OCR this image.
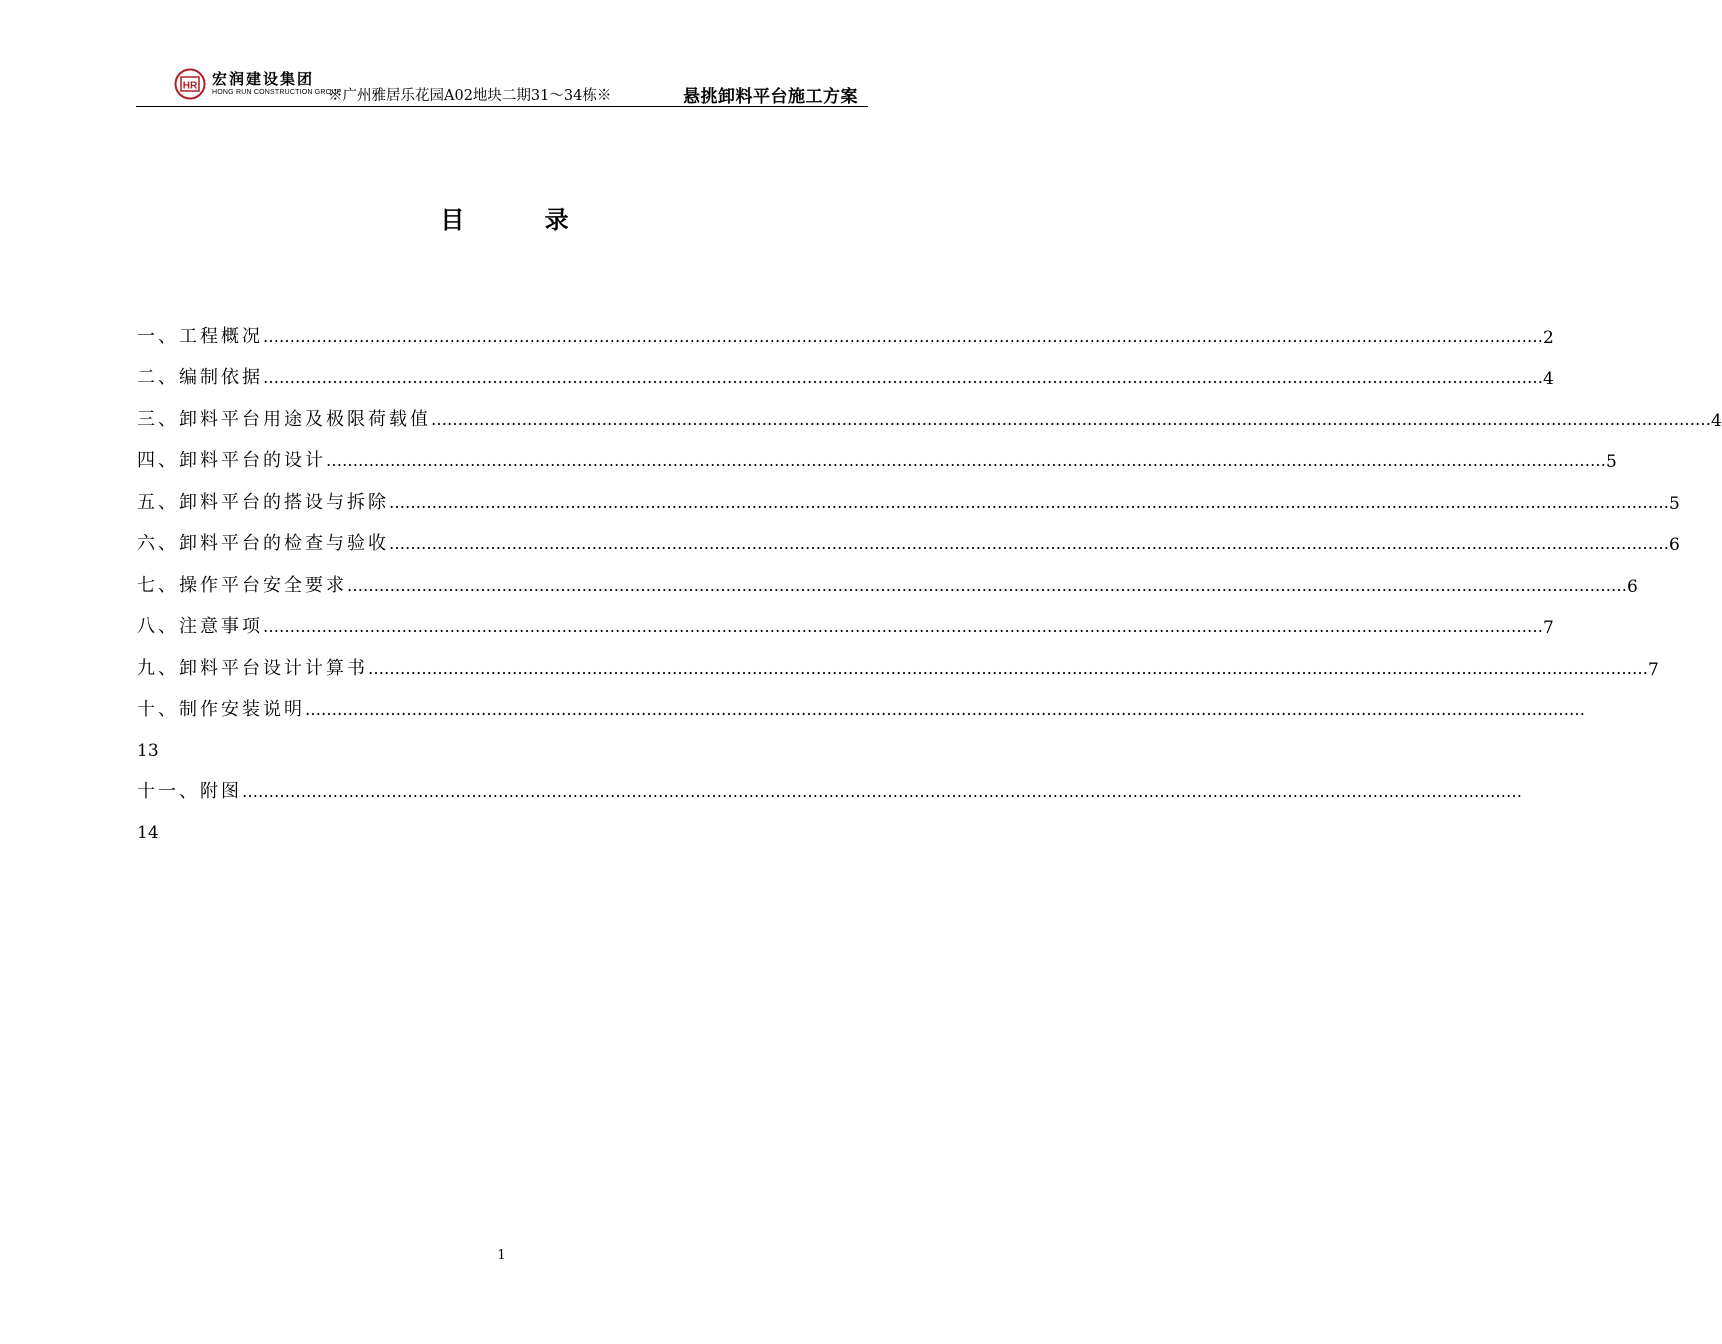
HR 宏润建设集团
HONG RUN CONSTRUCTION GROUP
※广州雅居乐花园A02地块二期31～34栋※	悬挑卸料平台施工方案
目 录
一、工程概况 …………………………………………………………………………………………………………………………………………………………………………………………………………………… 2
二、编制依据 …………………………………………………………………………………………………………………………………………………………………………………………………………………… 4
三、卸料平台用途及极限荷载值 …………………………………………………………………………………………………………………………………………………………………………………………………………………… 4
四、卸料平台的设计 …………………………………………………………………………………………………………………………………………………………………………………………………………………… 5
五、卸料平台的搭设与拆除 …………………………………………………………………………………………………………………………………………………………………………………………………………………… 5
六、卸料平台的检查与验收 …………………………………………………………………………………………………………………………………………………………………………………………………………………… 6
七、操作平台安全要求 …………………………………………………………………………………………………………………………………………………………………………………………………………………… 6
八、注意事项 …………………………………………………………………………………………………………………………………………………………………………………………………………………… 7
九、卸料平台设计计算书 …………………………………………………………………………………………………………………………………………………………………………………………………………………… 7
十、制作安装说明 ……………………………………………………………………………………………………………………………………………………………………………………………………………………
13
十一、附图 ……………………………………………………………………………………………………………………………………………………………………………………………………………………
14
1
